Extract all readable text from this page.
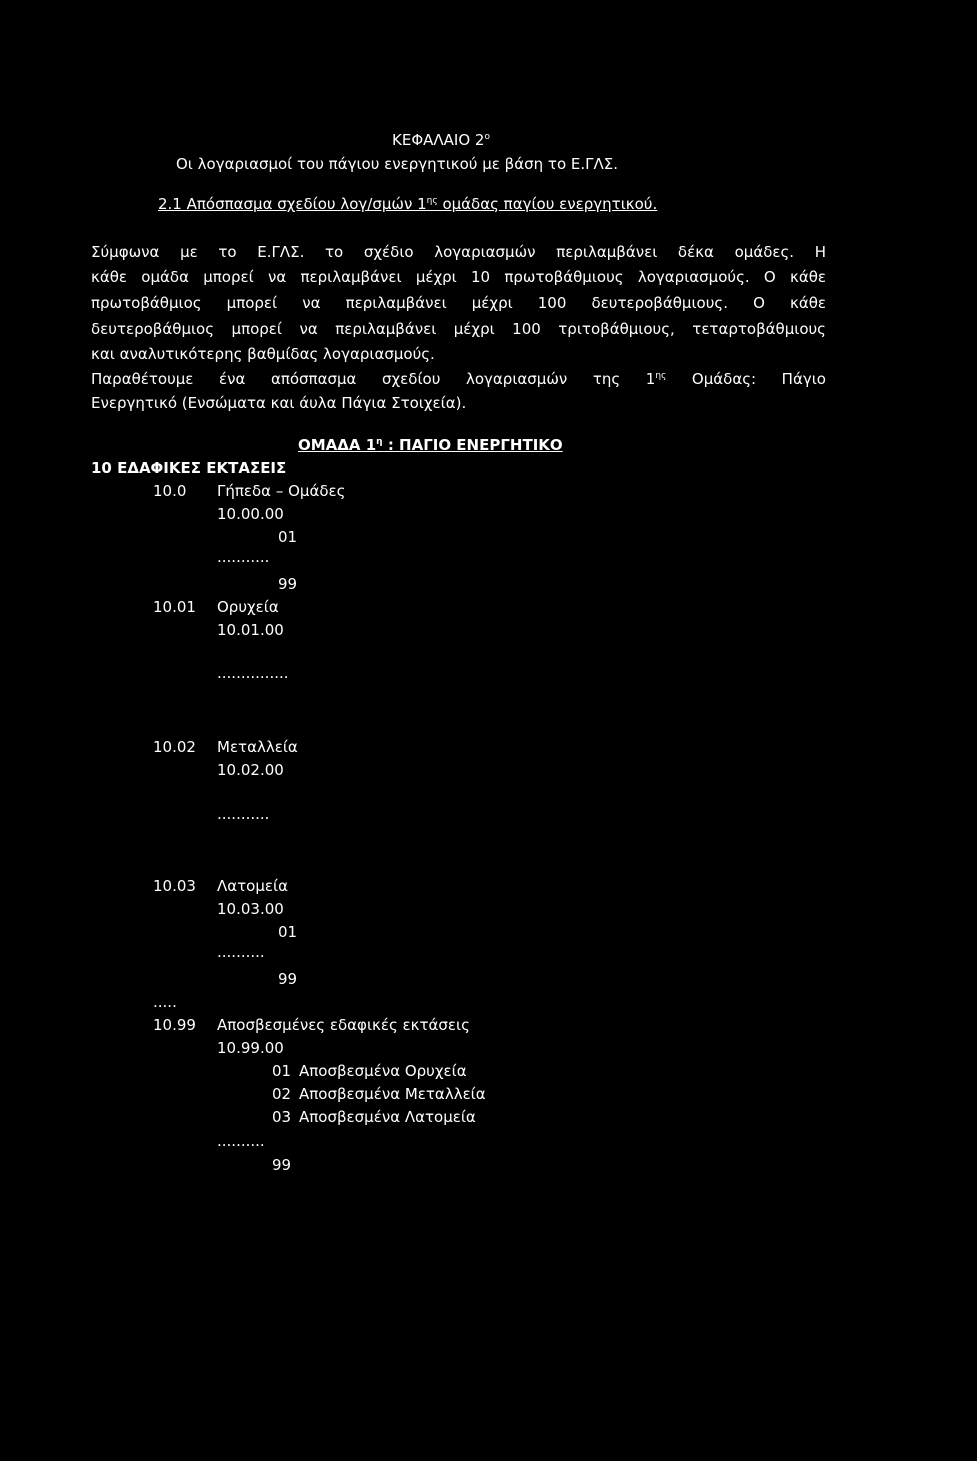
ΚΕΦΑΛΑΙΟ $2^o$
Οι λογαριασμοί του πάγιου ενεργητικού με βάση το Ε.ΓΛΣ.
2.1 Απόσπασμα σχεδίου λογ/σμών $1^{\eta\varsigma}$ ομάδας παγίου ενεργητικού.
Σύμφωνα με το Ε.ΓΛΣ. το σχέδιο λογαριασμών περιλαμβάνει δέκα ομάδες. Η
κάθε ομάδα μπορεί να περιλαμβάνει μέχρι 10 πρωτοβάθμιους λογαριασμούς. Ο κάθε
πρωτοβάθμιος μπορεί να περιλαμβάνει μέχρι 100 δευτεροβάθμιους. Ο κάθε
δευτεροβάθμιος μπορεί να περιλαμβάνει μέχρι 100 τριτοβάθμιους, τεταρτοβάθμιους
και αναλυτικότερης βαθμίδας λογαριασμούς.
Παραθέτουμε ένα απόσπασμα σχεδίου λογαριασμών της $1^{\eta\varsigma}$ Ομάδας: Πάγιο
Ενεργητικό (Ενσώματα και άυλα Πάγια Στοιχεία).
ΟΜΑΔΑ $1^\eta$ : ΠΑΓΙΟ ΕΝΕΡΓΗΤΙΚΟ
10 ΕΔΑΦΙΚΕΣ ΕΚΤΑΣΕΙΣ
10.0 Γήπεδα – Ομάδες
10.00.00
01
...........
99
10.01 Ορυχεία
10.01.00
...............
10.02 Μεταλλεία
10.02.00
...........
10.03 Λατομεία
10.03.00
01
..........
99
.....
10.99 Αποσβεσμένες εδαφικές εκτάσεις
10.99.00
01 Αποσβεσμένα Ορυχεία
02 Αποσβεσμένα Μεταλλεία
03 Αποσβεσμένα Λατομεία
..........
99
